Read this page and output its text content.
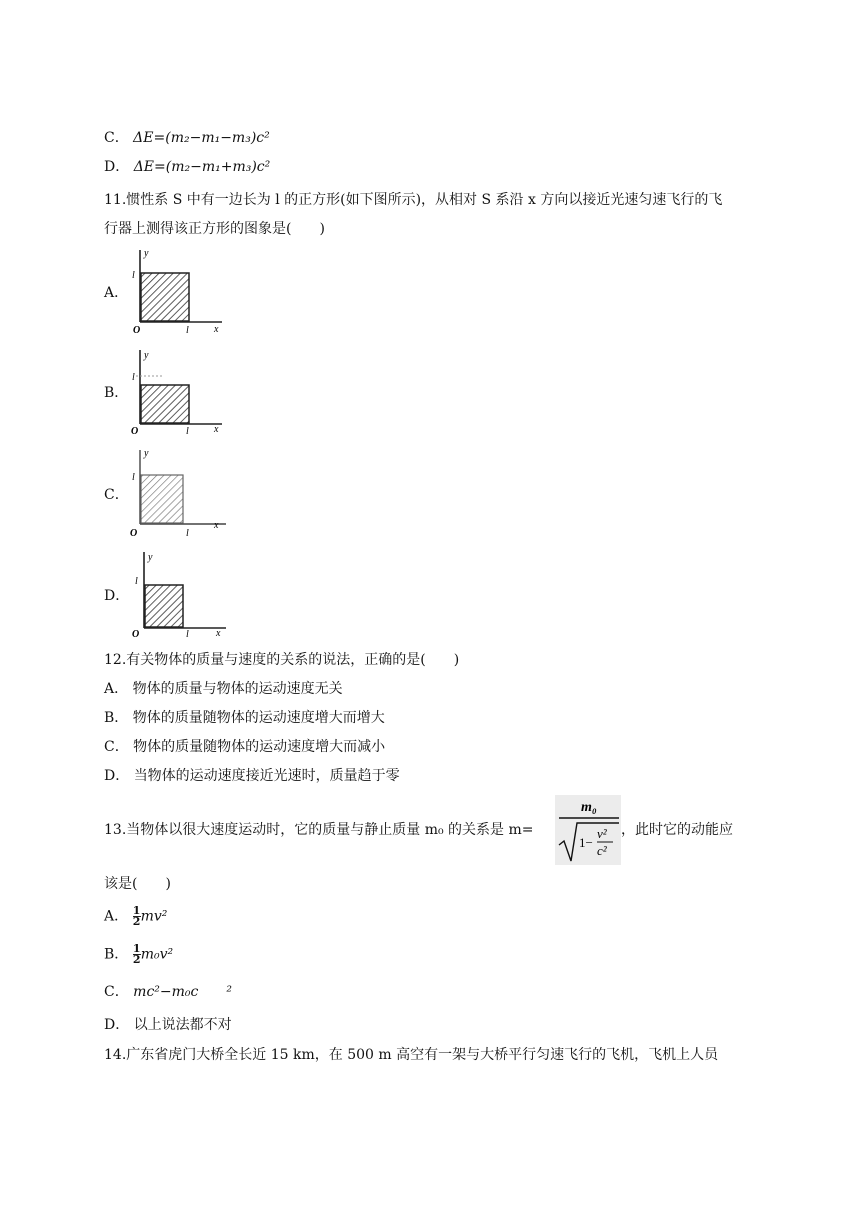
C． ΔE=(m₂−m₁−m₃)c²
D． ΔE=(m₂−m₁+m₃)c²
11.惯性系 S 中有一边长为 l 的正方形(如下图所示)，从相对 S 系沿 x 方向以接近光速匀速飞行的飞
行器上测得该正方形的图象是(　　)
A．
y
l
O	l	x
B．
y
l
O	l	x
C．
y
l
O	l
x
D．
y
l
O	l	x
12.有关物体的质量与速度的关系的说法，正确的是(　　)
A． 物体的质量与物体的运动速度无关
B． 物体的质量随物体的运动速度增大而增大
C． 物体的质量随物体的运动速度增大而减小
D． 当物体的运动速度接近光速时，质量趋于零
13.当物体以很大速度运动时，它的质量与静止质量 m₀ 的关系是 m=
m₀
1−
v²
c²
，此时它的动能应
该是(　　)
A． $\frac{1}{2} mv^2$
B． $\frac{1}{2} m_0v^2$
C． mc²−m₀c　　²
D． 以上说法都不对
14.广东省虎门大桥全长近 15 km，在 500 m 高空有一架与大桥平行匀速飞行的飞机，飞机上人员
